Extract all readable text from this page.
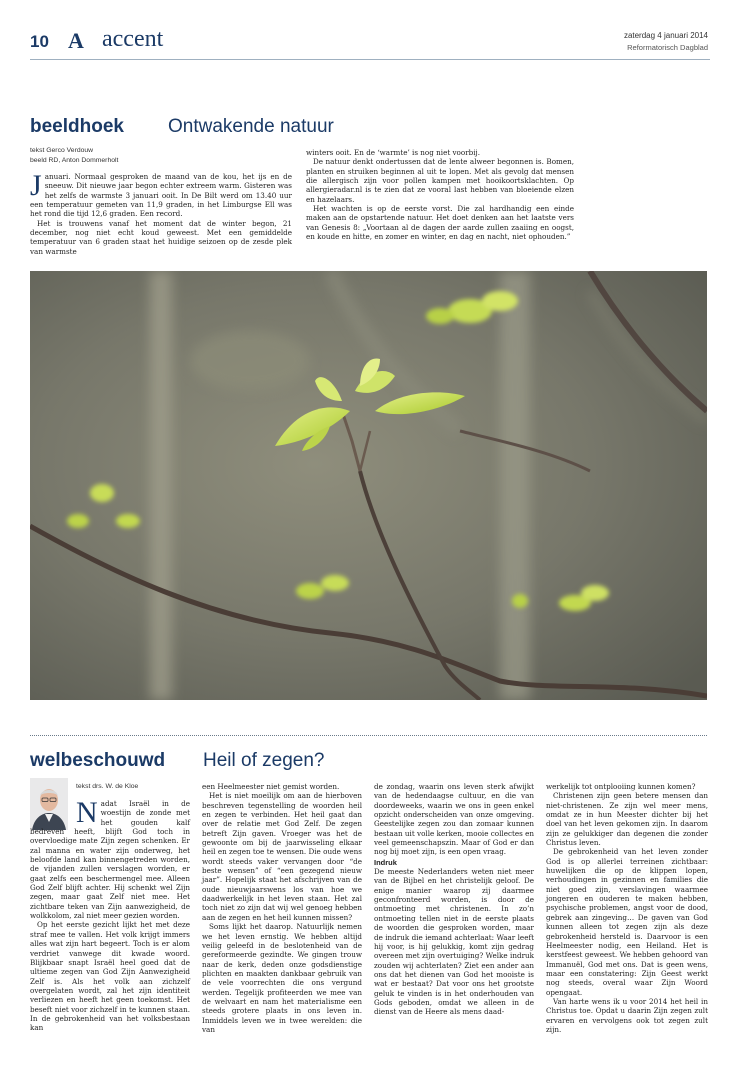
10 A accent	zaterdag 4 januari 2014
Reformatorisch Dagblad
beeldhoek Ontwakende natuur
tekst Gerco Verdouw
beeld RD, Anton Dommerholt
J anuari. Normaal gesproken de maand van de kou, het ijs en de sneeuw. Dit nieuwe jaar begon echter extreem warm. Gisteren was het zelfs de warmste 3 januari ooit. In De Bilt werd om 13.40 uur een temperatuur gemeten van 11,9 graden, in het Limburgse Ell was het rond die tijd 12,6 graden. Een record.

Het is trouwens vanaf het moment dat de winter begon, 21 december, nog niet echt koud geweest. Met een gemiddelde temperatuur van 6 graden staat het huidige seizoen op de zesde plek van warmste

winters ooit. En de ‘warmte’ is nog niet voorbij.

De natuur denkt ondertussen dat de lente alweer begonnen is. Bomen, planten en struiken beginnen al uit te lopen. Met als gevolg dat mensen die allergisch zijn voor pollen kampen met hooikoortsklachten. Op allergieradar.nl is te zien dat ze vooral last hebben van bloeiende elzen en hazelaars.

Het wachten is op de eerste vorst. Die zal hardhandig een einde maken aan de opstartende natuur. Het doet denken aan het laatste vers van Genesis 8: „Voortaan al de dagen der aarde zullen zaaiing en oogst, en koude en hitte, en zomer en winter, en dag en nacht, niet ophouden.”

welbeschouwd Heil of zegen?
tekst drs. W. de Kloe
N adat Israël in de woestijn de zonde met het gouden kalf bedreven heeft, blijft God toch in overvloedige mate Zijn zegen schenken. Er zal manna en water zijn onderweg, het beloofde land kan binnengetreden worden, de vijanden zullen verslagen worden, er gaat zelfs een beschermengel mee. Alleen God Zelf blijft achter. Hij schenkt wel Zijn zegen, maar gaat Zelf niet mee. Het zichtbare teken van Zijn aanwezigheid, de wolkkolom, zal niet meer gezien worden.

Op het eerste gezicht lijkt het met deze straf mee te vallen. Het volk krijgt immers alles wat zijn hart begeert. Toch is er alom verdriet vanwege dit kwade woord. Blijkbaar snapt Israël heel goed dat de ultieme zegen van God Zijn Aanwezigheid Zelf is. Als het volk aan zichzelf overgelaten wordt, zal het zijn identiteit verliezen en heeft het geen toekomst. Het beseft niet voor zichzelf in te kunnen staan. In de gebrokenheid van het volksbestaan kan

een Heelmeester niet gemist worden.

Het is niet moeilijk om aan de hierboven beschreven tegenstelling de woorden heil en zegen te verbinden. Het heil gaat dan over de relatie met God Zelf. De zegen betreft Zijn gaven. Vroeger was het de gewoonte om bij de jaarwisseling elkaar heil en zegen toe te wensen. Die oude wens wordt steeds vaker vervangen door “de beste wensen” of “een gezegend nieuw jaar”. Hopelijk staat het afschrijven van de oude nieuwjaarswens los van hoe we daadwerkelijk in het leven staan. Het zal toch niet zo zijn dat wij wel genoeg hebben aan de zegen en het heil kunnen missen?

Soms lijkt het daarop. Natuurlijk nemen we het leven ernstig. We hebben altijd veilig geleefd in de beslotenheid van de gereformeerde gezindte. We gingen trouw naar de kerk, deden onze godsdienstige plichten en maakten dankbaar gebruik van de vele voorrechten die ons vergund werden. Tegelijk profiteerden we mee van de welvaart en nam het materialisme een steeds grotere plaats in ons leven in. Inmiddels leven we in twee werelden: die van

de zondag, waarin ons leven sterk afwijkt van de hedendaagse cultuur, en die van doordeweeks, waarin we ons in geen enkel opzicht onderscheiden van onze omgeving. Geestelijke zegen zou dan zomaar kunnen bestaan uit volle kerken, mooie collectes en veel gemeenschapszin. Maar of God er dan nog bij moet zijn, is een open vraag.

Indruk

De meeste Nederlanders weten niet meer van de Bijbel en het christelijk geloof. De enige manier waarop zij daarmee geconfronteerd worden, is door de ontmoeting met christenen. In zo’n ontmoeting tellen niet in de eerste plaats de woorden die gesproken worden, maar de indruk die iemand achterlaat: Waar leeft hij voor, is hij gelukkig, komt zijn gedrag overeen met zijn overtuiging? Welke indruk zouden wij achterlaten? Ziet een ander aan ons dat het dienen van God het mooiste is wat er bestaat? Dat voor ons het grootste geluk te vinden is in het onderhouden van Gods geboden, omdat we alleen in de dienst van de Heere als mens daad-

werkelijk tot ontplooiing kunnen komen?

Christenen zijn geen betere mensen dan niet-christenen. Ze zijn wel meer mens, omdat ze in hun Meester dichter bij het doel van het leven gekomen zijn. In daarom zijn ze gelukkiger dan degenen die zonder Christus leven.

De gebrokenheid van het leven zonder God is op allerlei terreinen zichtbaar: huwelijken die op de klippen lopen, verhoudingen in gezinnen en families die niet goed zijn, verslavingen waarmee jongeren en ouderen te maken hebben, psychische problemen, angst voor de dood, gebrek aan zingeving… De gaven van God kunnen alleen tot zegen zijn als deze gebrokenheid hersteld is. Daarvoor is een Heelmeester nodig, een Heiland. Het is kerstfeest geweest. We hebben gehoord van Immanuël, God met ons. Dat is geen wens, maar een constatering: Zijn Geest werkt nog steeds, overal waar Zijn Woord opengaat.

Van harte wens ik u voor 2014 het heil in Christus toe. Opdat u daarin Zijn zegen zult ervaren en vervolgens ook tot zegen zult zijn.
